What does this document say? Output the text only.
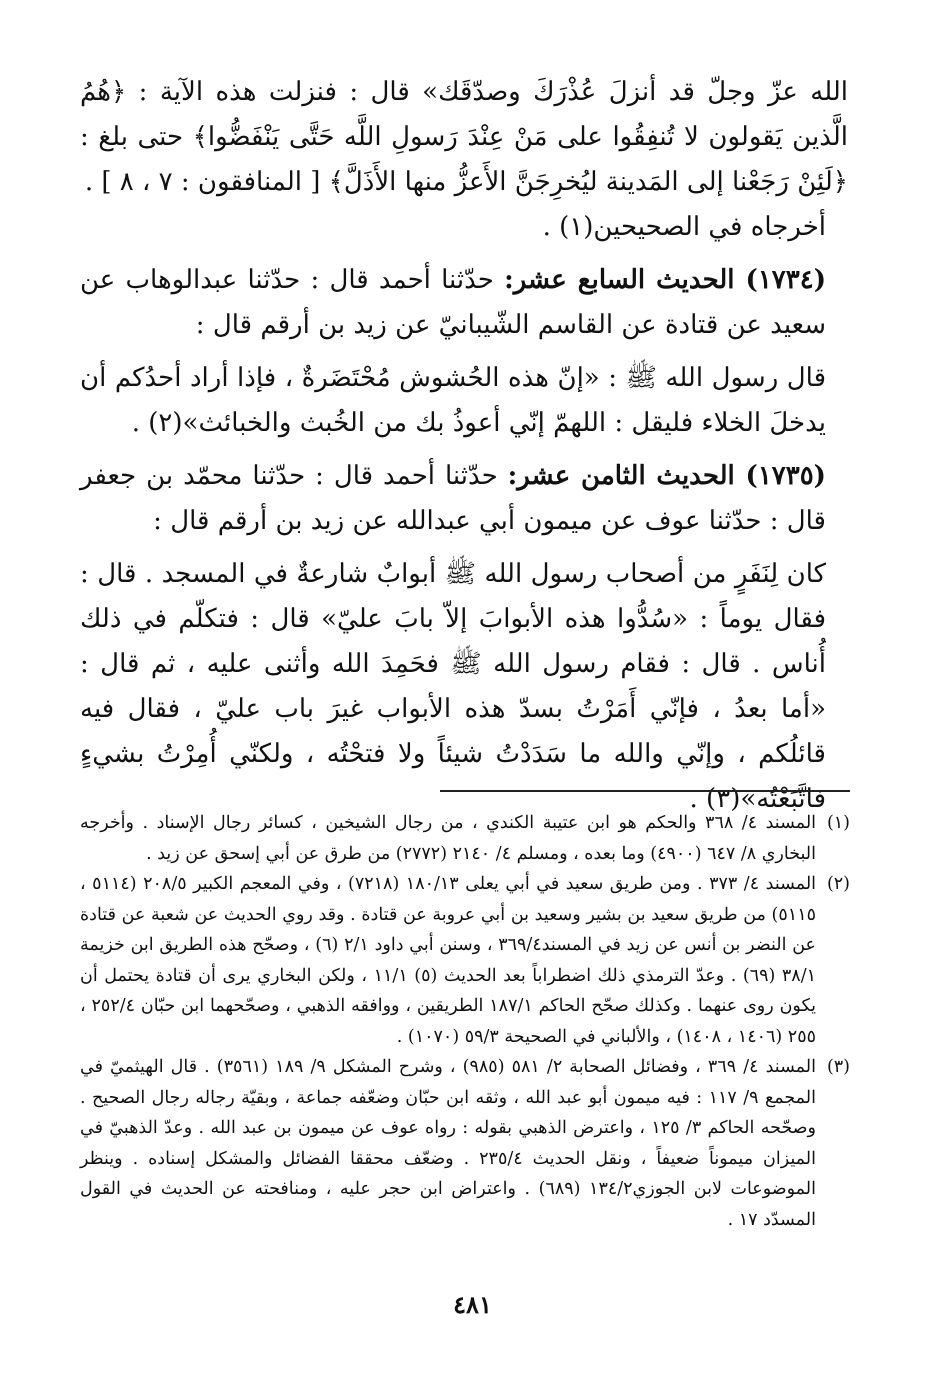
الله عزّ وجلّ قد أنزلَ عُذْرَكَ وصدّقَك» قال : فنزلت هذه الآية : ﴿هُمُ الَّذين يَقولون لا تُنفِقُوا على مَنْ عِنْدَ رَسولِ اللَّه حَتَّى يَنْفَضُّوا﴾ حتى بلغ : ﴿لَئِنْ رَجَعْنا إلى المَدينة ليُخرِجَنَّ الأَعزُّ منها الأَذَلَّ﴾ [ المنافقون : ٧ ، ٨ ] .

أخرجاه في الصحيحين(١) .

(١٧٣٤) الحديث السابع عشر: حدّثنا أحمد قال : حدّثنا عبدالوهاب عن سعيد عن قتادة عن القاسم الشّيبانيّ عن زيد بن أرقم قال :

قال رسول الله ﷺ : «إنّ هذه الحُشوش مُحْتَضَرةٌ ، فإذا أراد أحدُكم أن يدخلَ الخلاء فليقل : اللهمّ إنّي أعوذُ بك من الخُبث والخبائث»(٢) .

(١٧٣٥) الحديث الثامن عشر: حدّثنا أحمد قال : حدّثنا محمّد بن جعفر قال : حدّثنا عوف عن ميمون أبي عبدالله عن زيد بن أرقم قال :

كان لِنَفَرٍ من أصحاب رسول الله ﷺ أبوابٌ شارعةٌ في المسجد . قال : فقال يوماً : «سُدُّوا هذه الأبوابَ إلاّ بابَ عليّ» قال : فتكلّم في ذلك أُناس . قال : فقام رسول الله ﷺ فحَمِدَ الله وأثنى عليه ، ثم قال : «أما بعدُ ، فإنّي أَمَرْتُ بسدّ هذه الأبواب غيرَ باب عليّ ، فقال فيه قائلُكم ، وإنّي والله ما سَدَدْتُ شيئاً ولا فتحْتُه ، ولكنّي أُمِرْتُ بشيءٍ فاتَّبَعْتُه»(٣) .

(١)
المسند ٤/ ٣٦٨ والحكم هو ابن عتيبة الكندي ، من رجال الشيخين ، كسائر رجال الإسناد . وأخرجه البخاري ٨/ ٦٤٧ (٤٩٠٠) وما بعده ، ومسلم ٤/ ٢١٤٠ (٢٧٧٢) من طرق عن أبي إسحق عن زيد .

(٢)
المسند ٤/ ٣٧٣ . ومن طريق سعيد في أبي يعلى ١٨٠/١٣ (٧٢١٨) ، وفي المعجم الكبير ٢٠٨/٥ (٥١١٤ ، ٥١١٥) من طريق سعيد بن بشير وسعيد بن أبي عروبة عن قتادة . وقد روي الحديث عن شعبة عن قتادة عن النضر بن أنس عن زيد في المسند٣٦٩/٤ ، وسنن أبي داود ٢/١ (٦) ، وصحّح هذه الطريق ابن خزيمة ٣٨/١ (٦٩) . وعدّ الترمذي ذلك اضطراباً بعد الحديث (٥) ١١/١ ، ولكن البخاري يرى أن قتادة يحتمل أن يكون روى عنهما . وكذلك صحّح الحاكم ١٨٧/١ الطريقين ، ووافقه الذهبي ، وصحّحهما ابن حبّان ٢٥٢/٤ ، ٢٥٥ (١٤٠٦ ، ١٤٠٨) ، والألباني في الصحيحة ٥٩/٣ (١٠٧٠) .

(٣)
المسند ٤/ ٣٦٩ ، وفضائل الصحابة ٢/ ٥٨١ (٩٨٥) ، وشرح المشكل ٩/ ١٨٩ (٣٥٦١) . قال الهيثميّ في المجمع ٩/ ١١٧ : فيه ميمون أبو عبد الله ، وثقه ابن حبّان وضعّفه جماعة ، وبقيّة رجاله رجال الصحيح . وصحّحه الحاكم ٣/ ١٢٥ ، واعترض الذهبي بقوله : رواه عوف عن ميمون بن عبد الله . وعدّ الذهبيّ في الميزان ميموناً ضعيفاً ، ونقل الحديث ٢٣٥/٤ . وضعّف محققا الفضائل والمشكل إسناده . وينظر الموضوعات لابن الجوزي١٣٤/٢ (٦٨٩) . واعتراض ابن حجر عليه ، ومنافحته عن الحديث في القول المسدّد ١٧ .

٤٨١
